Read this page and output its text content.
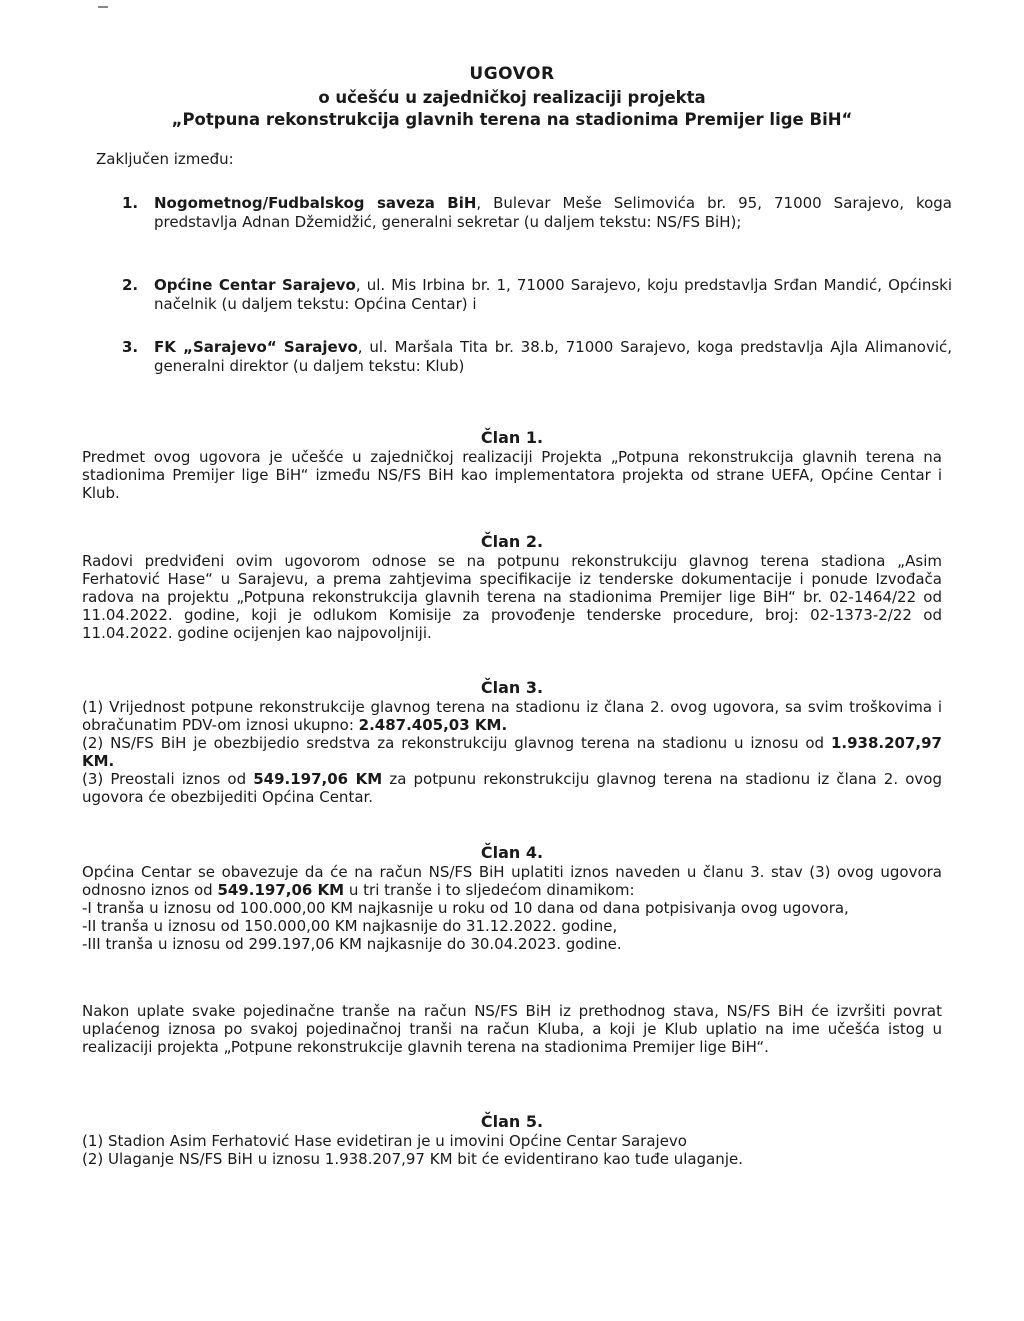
UGOVOR
o učešću u zajedničkoj realizaciji projekta
„Potpuna rekonstrukcija glavnih terena na stadionima Premijer lige BiH“
Zaključen između:
1. Nogometnog/Fudbalskog saveza BiH, Bulevar Meše Selimovića br. 95, 71000 Sarajevo, koga predstavlja Adnan Džemidžić, generalni sekretar (u daljem tekstu: NS/FS BiH);
2. Općine Centar Sarajevo, ul. Mis Irbina br. 1, 71000 Sarajevo, koju predstavlja Srđan Mandić, Općinski načelnik (u daljem tekstu: Općina Centar) i
3. FK „Sarajevo“ Sarajevo, ul. Maršala Tita br. 38.b, 71000 Sarajevo, koga predstavlja Ajla Alimanović, generalni direktor (u daljem tekstu: Klub)
Član 1.
Predmet ovog ugovora je učešće u zajedničkoj realizaciji Projekta „Potpuna rekonstrukcija glavnih terena na stadionima Premijer lige BiH“ između NS/FS BiH kao implementatora projekta od strane UEFA, Općine Centar i Klub.
Član 2.
Radovi predviđeni ovim ugovorom odnose se na potpunu rekonstrukciju glavnog terena stadiona „Asim Ferhatović Hase“ u Sarajevu, a prema zahtjevima specifikacije iz tenderske dokumentacije i ponude Izvođača radova na projektu „Potpuna rekonstrukcija glavnih terena na stadionima Premijer lige BiH“ br. 02-1464/22 od 11.04.2022. godine, koji je odlukom Komisije za provođenje tenderske procedure, broj: 02-1373-2/22 od 11.04.2022. godine ocijenjen kao najpovoljniji.
Član 3.
(1) Vrijednost potpune rekonstrukcije glavnog terena na stadionu iz člana 2. ovog ugovora, sa svim troškovima i obračunatim PDV-om iznosi ukupno: 2.487.405,03 KM.
(2) NS/FS BiH je obezbijedio sredstva za rekonstrukciju glavnog terena na stadionu u iznosu od 1.938.207,97 KM.
(3) Preostali iznos od 549.197,06 KM za potpunu rekonstrukciju glavnog terena na stadionu iz člana 2. ovog ugovora će obezbijediti Općina Centar.
Član 4.
Općina Centar se obavezuje da će na račun NS/FS BiH uplatiti iznos naveden u članu 3. stav (3) ovog ugovora odnosno iznos od 549.197,06 KM u tri tranše i to sljedećom dinamikom:
-I tranša u iznosu od 100.000,00 KM najkasnije u roku od 10 dana od dana potpisivanja ovog ugovora,
-II tranša u iznosu od 150.000,00 KM najkasnije do 31.12.2022. godine,
-III tranša u iznosu od 299.197,06 KM najkasnije do 30.04.2023. godine.
Nakon uplate svake pojedinačne tranše na račun NS/FS BiH iz prethodnog stava, NS/FS BiH će izvršiti povrat uplaćenog iznosa po svakoj pojedinačnoj tranši na račun Kluba, a koji je Klub uplatio na ime učešća istog u realizaciji projekta „Potpune rekonstrukcije glavnih terena na stadionima Premijer lige BiH“.
Član 5.
(1) Stadion Asim Ferhatović Hase evidetiran je u imovini Općine Centar Sarajevo
(2) Ulaganje NS/FS BiH u iznosu 1.938.207,97 KM bit će evidentirano kao tuđe ulaganje.
